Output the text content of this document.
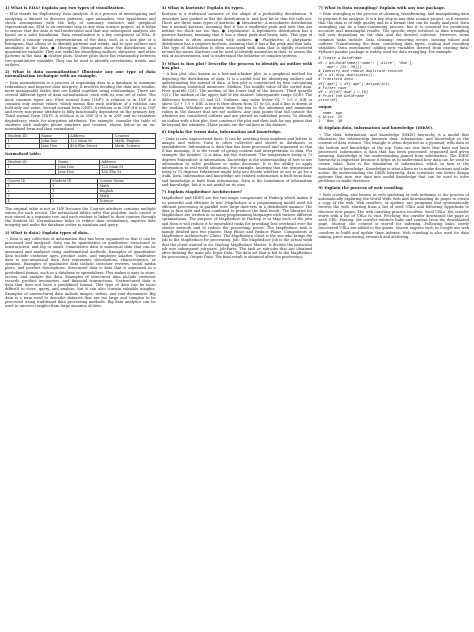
1) What is EDA? Explain any two types of visualization.

→ EDA stands for Exploratory Data Analysis. It is a process of investigating and analyzing a dataset to discover patterns, spot anomalies, test hypotheses and check assumptions with the help of summary statistics and graphical representations. EDA is an essential step in any data science project, as it helps to ensure that the data is well-understood and that any subsequent analyses are based on a solid foundation. Data visualization is a key component of EDA. It provides a concise visual representation of the data, such as a box plot or a histogram, that allows us to identify patterns and trends, and to spot outliers and anomalies in the data. ● Histogram: Histograms show the distribution of a quantitative variable. They are useful for identifying outliers, skewness, and other patterns in the data. ● Scatter plots: Scatter plots show the relationship between two quantitative variables. They can be used to identify correlations, trends, and outliers.

2) What is data normalization? Illustrate any one type of data normalization technique with an example.

→ Data normalization is a process of organizing data in a database to minimize redundancy and improve data integrity. It involves dividing the data into smaller, more manageable tables that are linked together using relationships. There are several different types of data normalization, each with its own set of rules. The most common types are: First normal form (1NF): A relation is in 1NF if it contains only atomic values, which means that each attribute of a relation can hold only one value. Second normal form (2NF): A relation is in 2NF if it is in 1NF and every non-prime attribute is fully functionally dependent on the primary key. Third normal form (3NF): A relation is in 3NF if it is in 2NF and no transitive dependency exists for non-prime attributes. For example, consider the table of students with multiple phone numbers and courses, shown below in an un-normalized form and then normalized.

Student ID	Name	Address	Courses
1	John Doe	123 Main St	Math, English
2	Jane Doe	456 Elm Street	Math, Science

Normalized table:

Student ID	Name	Address
1	John Doe	123 Main St
2	Jane Doe	456 Elm St
Course ID	Student ID	Course Name
1	1	Math
2	1	English
3	2	Math
4	2	Science

The original table is not in 1NF because the Courses attribute contains multiple values for each record. The normalized tables solve this problem: each course is now stored in a separate row, and each student is linked to their courses through the Student ID. Normalization helps to reduce data redundancy, improve data integrity and make the database easier to maintain and query.

3) What is data? Explain types of data.

→ Data is any collection of information that has been organized so that it can be processed and analyzed. Data can be quantitative or qualitative, structured or unstructured, and big or small. Quantitative data is numerical data that can be measured and analyzed using mathematical methods. Examples of quantitative data include customer ages, product sales, and employee salaries. Qualitative data is non-numerical data that represents descriptions, characteristics, or opinions. Examples of qualitative data include customer reviews, social media posts, and product descriptions. Structured data is data that is organized in a predefined format, such as a database or spreadsheet. This makes it easy to store, access, and analyze the data. Examples of structured data include customer records, product inventories, and financial transactions. Unstructured data is data that does not have a predefined format. This type of data can be more difficult to store, query, and analyze, but it can also contain valuable insights. Examples of unstructured data include images, videos, and text documents. Big data is a term used to describe datasets that are too large and complex to be processed using traditional data processing methods. Big data analytics can be used to uncover insights from large amounts of data.

4) What is kurtosis? Explain its types.

Kurtosis is a statistical measure of the shape of a probability distribution. It describes how peaked or flat the distribution is, and how fat or thin the tails are. There are three main types of kurtosis: ● Mesokurtic: A mesokurtic distribution has a normal kurtosis, meaning that it has a moderate peak and tails that are neither too thick nor too thin. ● Leptokurtic: A leptokurtic distribution has a positive kurtosis, meaning that it has a sharp peak and heavy tails. This type of distribution is often associated with outliers. ● Platykurtic: A platykurtic distribution has a negative kurtosis, meaning that it has a flat peak and thin tails. This type of distribution is often associated with data that is tightly clustered around the mean. Kurtosis can be used to identify anomalies in data, to assess the risk of an investment, and to understand the behavior of complex systems.

5) What is Box plot? Describe the process to identify an outlier with box plot.

→ A box plot, also known as a box-and-whisker plot, is a graphical method for depicting the distribution of data. It is a useful tool for identifying outliers and understanding the spread of data. A box plot is constructed by first calculating the following statistical measures: Median: The middle value of the sorted data. First quartile (Q1): The median of the lower half of the dataset. Third quartile (Q3): The median of the upper half of the dataset. Interquartile range (IQR): The difference between Q3 and Q1. Outliers: Any value below Q1 − 1.5 × IQR or above Q3 + 1.5 × IQR. A line is then drawn from Q1 to Q3, and a line is drawn at the median. Whiskers are drawn from the box to the minimum and maximum values in the dataset that are not outliers. Any data points that fall outside the whiskers are considered outliers and are plotted as individual points. To identify an outlier with a box plot, first construct the plot and then look for any points that lie beyond the whiskers. These points are the outliers in the dataset.

6) Explain the terms data, information and knowledge.

→ Data is raw, unprocessed facts. It can be anything from numbers and letters to images and videos. Data is often collected and stored in databases or spreadsheets. Information is data that has been processed and organized so that it has meaning. It is the result of giving context and interpretation to data. For example, the number 72 is data, but the statement 'The temperature today is 72 degrees Fahrenheit' is information. Knowledge is the understanding of how to use information to solve problems or make decisions. It is the ability to apply information to real-world situations. For example, knowing that the temperature today is 72 degrees Fahrenheit might help you decide whether or not to go for a walk. Data, information and knowledge are related: information is built from data, and knowledge is built from information. Data is the foundation of information and knowledge, but it is not useful on its own.

7) Explain MapReduce Architecture?

MapReduce and HDFS are the two major components of Hadoop which makes it so powerful and efficient to use. MapReduce is a programming model used for efficient processing in parallel over large data-sets in a distributed manner. The data is first split and then combined to produce the final result. The libraries for MapReduce are written in so many programming languages with various different optimizations. The purpose of MapReduce in Hadoop is to Map each of the jobs and then it will reduce it to equivalent tasks for providing less overhead over the cluster network and to reduce the processing power. The MapReduce task is mainly divided into two phases: Map Phase and Reduce Phase. Components of MapReduce Architecture: Client: The MapReduce client is the one who brings the Job to the MapReduce for processing. Job: The MapReduce Job is the actual work that the client wanted to do. Hadoop MapReduce Master: It divides the particular job into subsequent job-parts. Job-Parts: The task or sub-jobs that are obtained after dividing the main job. Input Data: The data set that is fed to the MapReduce for processing. Output Data: The final result is obtained after the processing.

7) What is Data wrangling? Explain with any one package.

→ Data wrangling is the process of cleaning, transforming, and manipulating data to prepare it for analysis. It is a key step in any data science project, as it ensures that the data is of high quality and in a format that can be easily analyzed. Data wrangling can be a time-consuming process, but it is essential for producing accurate and meaningful results. The specific steps involved in data wrangling will vary depending on the data and the desired outcome. However, some common tasks include: Data cleaning: removing errors, missing values and outliers. Transforming the data: converting data types, scaling and encoding variables. Data enrichment: adding new variables derived from existing data. Python's pandas package is widely used for data wrangling. For example:

# Create a DataFrame
df = pd.DataFrame({'name': ['Alice', 'Bob'],
'age': [25, 30]})
# Identify and remove duplicate records
df = df.drop_duplicates()
# Transform data
df['age'] = df['age'].astype(int)
# Filter rows
df = df[df['age'] > 18]
# Print the DataFrame
print(df)

output

name  age
0 Alice  25
1   Bob  30

8) Explain data, information and knowledge (DIKW).

→ The data, information, and knowledge (DIKW) hierarchy is a model that illustrates the relationship between data, information, and knowledge in the context of data science. The triangle is often depicted as a pyramid, with data at the bottom and knowledge at the top. Data are raw facts that have not been processed. Information is data that has been processed, organized and given meaning. Knowledge is the understanding gained from information. The DIKW hierarchy is important because it helps us to understand how data can be used to create value. Data is the foundation of information, which in turn is the foundation of knowledge. Knowledge is what allows us to make decisions and take action. By understanding the DIKW hierarchy, data scientists can better design systems that turn raw data into useful knowledge that can be used to solve problems or make decisions.

9) Explain the process of web crawling.

→ Web crawling, also known as web spidering or web indexing, is the process of automatically exploring the World Wide Web and downloading its pages to create a copy of the web. Web crawlers, or spiders, are programs that systematically browse the web, starting from a list of seed URLs and following hyperlinks to discover new pages. The web crawling process involves: Seed URLs: the crawler starts with a list of URLs to visit. Fetching: the crawler downloads the page at each URL. Parsing: the crawler extracts links and content from the downloaded page. Storing: the content is stored for indexing. Following links: newly discovered URLs are added to the queue. Search engines such as Google use web crawlers to build and update their indexes. Web crawling is also used for data mining, price monitoring, research and archiving.
